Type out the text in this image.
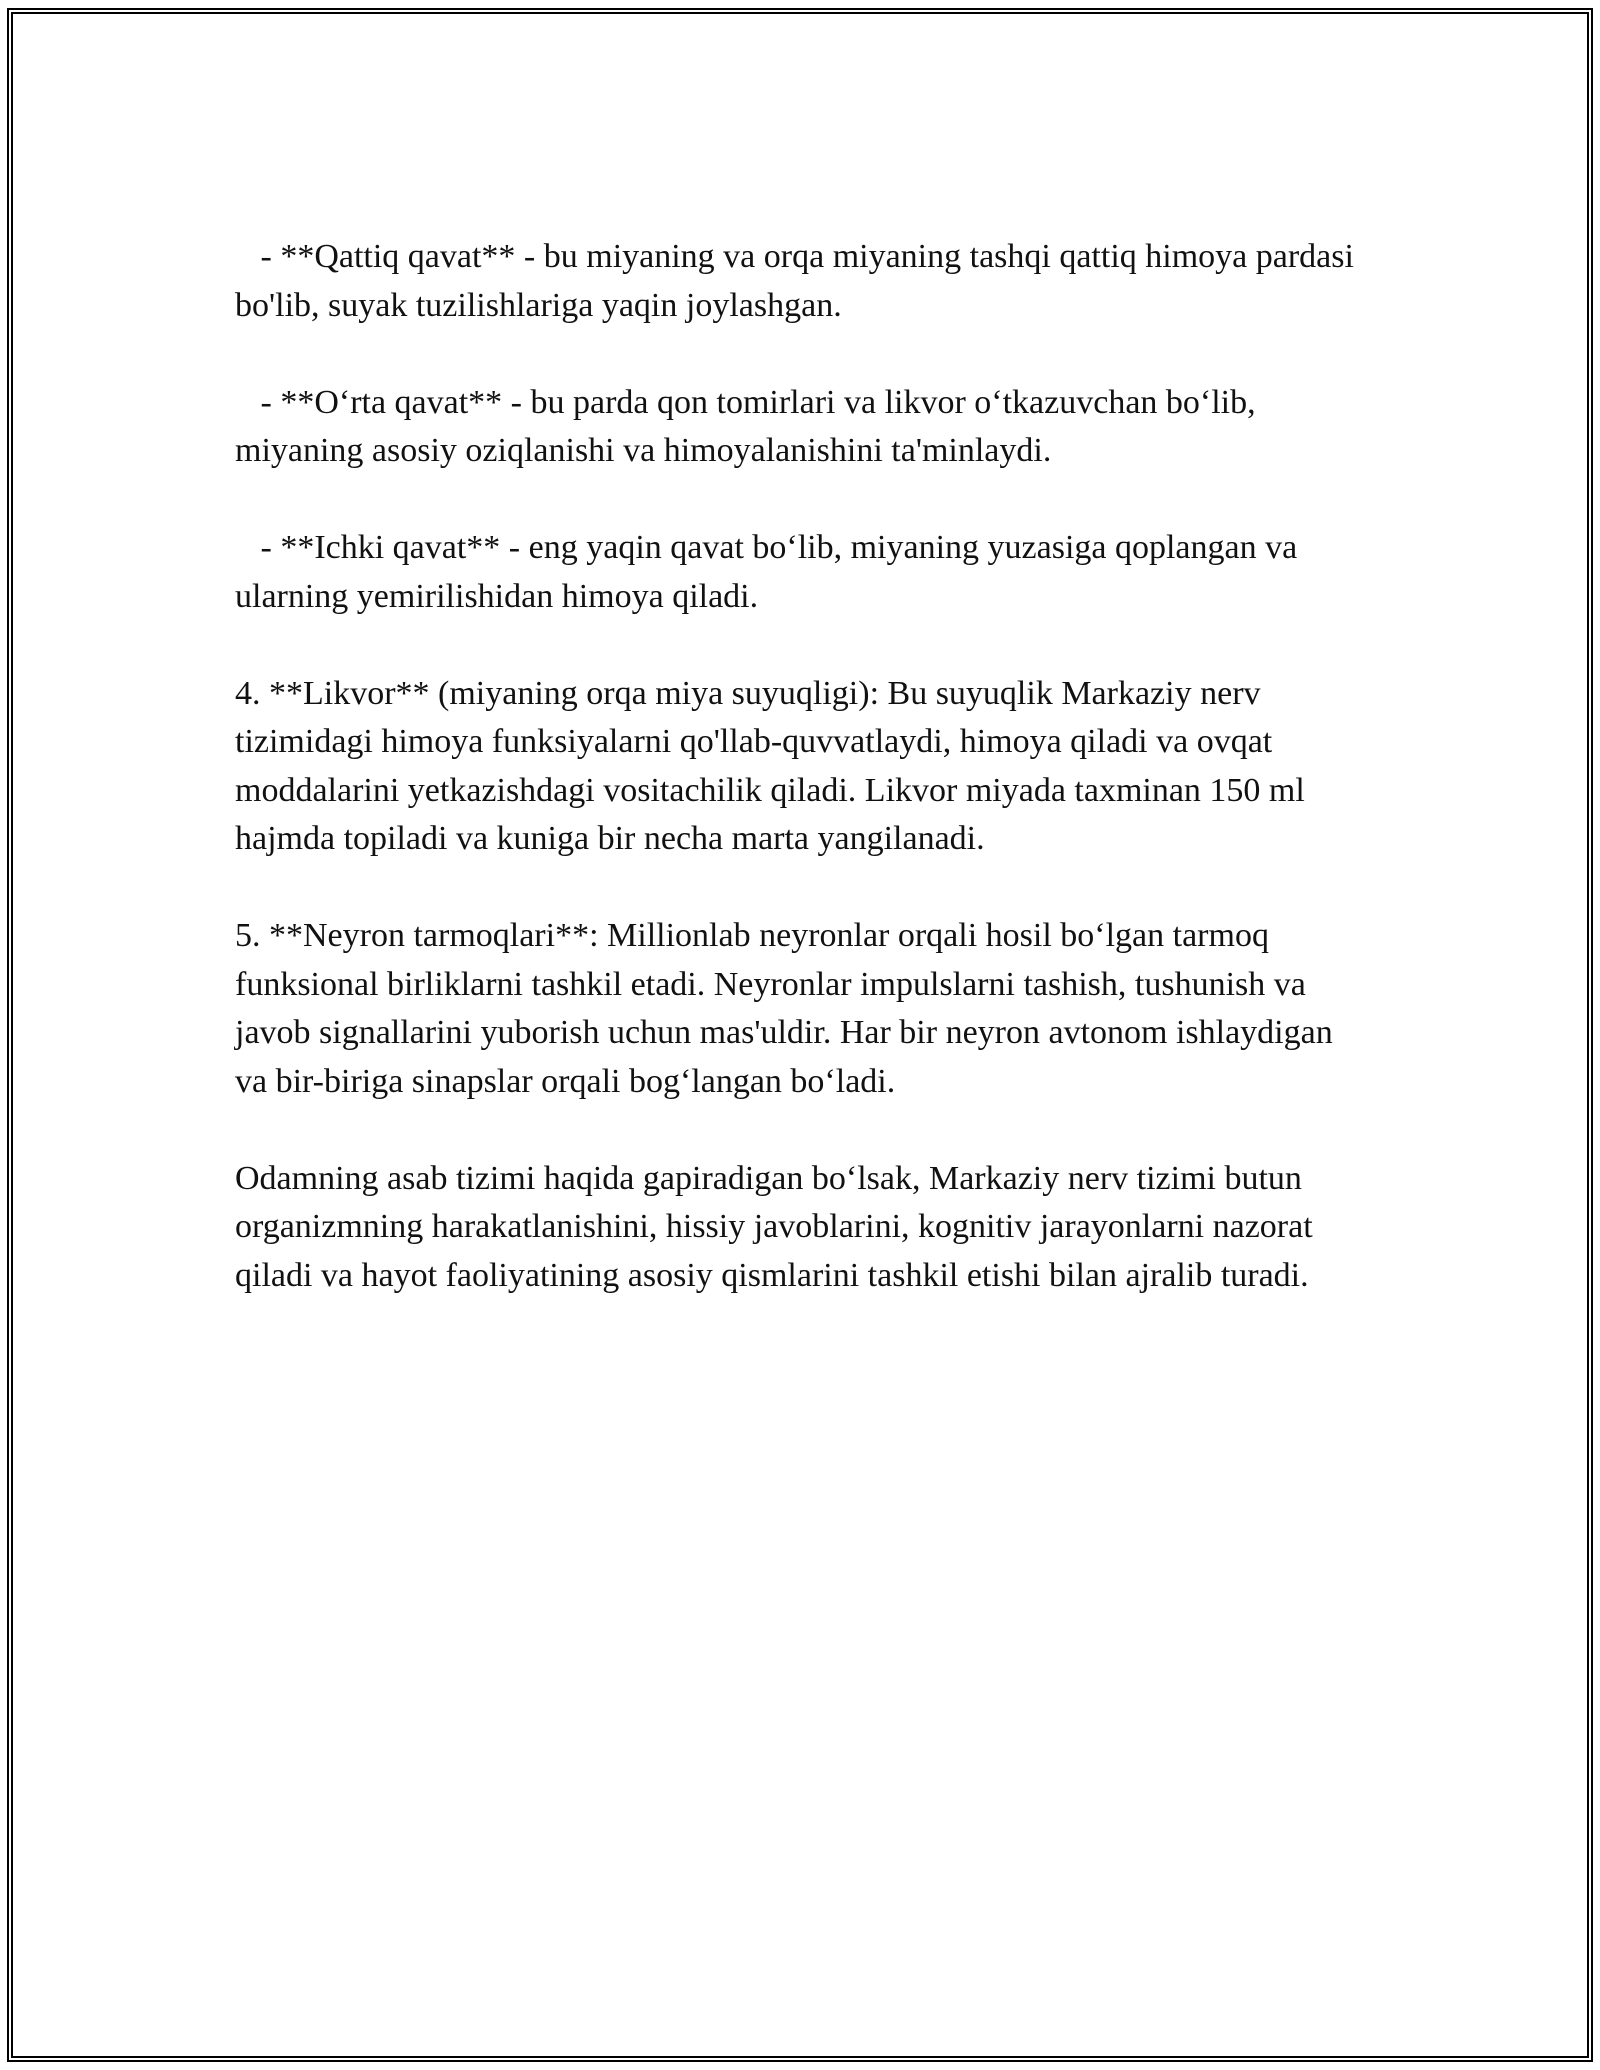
- **Qattiq qavat** - bu miyaning va orqa miyaning tashqi qattiq himoya pardasi bo'lib, suyak tuzilishlariga yaqin joylashgan.

- **Oʻrta qavat** - bu parda qon tomirlari va likvor oʻtkazuvchan boʻlib, miyaning asosiy oziqlanishi va himoyalanishini ta'minlaydi.

- **Ichki qavat** - eng yaqin qavat boʻlib, miyaning yuzasiga qoplangan va ularning yemirilishidan himoya qiladi.

4. **Likvor** (miyaning orqa miya suyuqligi): Bu suyuqlik Markaziy nerv tizimidagi himoya funksiyalarni qo'llab-quvvatlaydi, himoya qiladi va ovqat moddalarini yetkazishdagi vositachilik qiladi. Likvor miyada taxminan 150 ml hajmda topiladi va kuniga bir necha marta yangilanadi.

5. **Neyron tarmoqlari**: Millionlab neyronlar orqali hosil boʻlgan tarmoq funksional birliklarni tashkil etadi. Neyronlar impulslarni tashish, tushunish va javob signallarini yuborish uchun mas'uldir. Har bir neyron avtonom ishlaydigan va bir-biriga sinapslar orqali bogʻlangan boʻladi.

Odamning asab tizimi haqida gapiradigan boʻlsak, Markaziy nerv tizimi butun organizmning harakatlanishini, hissiy javoblarini, kognitiv jarayonlarni nazorat qiladi va hayot faoliyatining asosiy qismlarini tashkil etishi bilan ajralib turadi.
